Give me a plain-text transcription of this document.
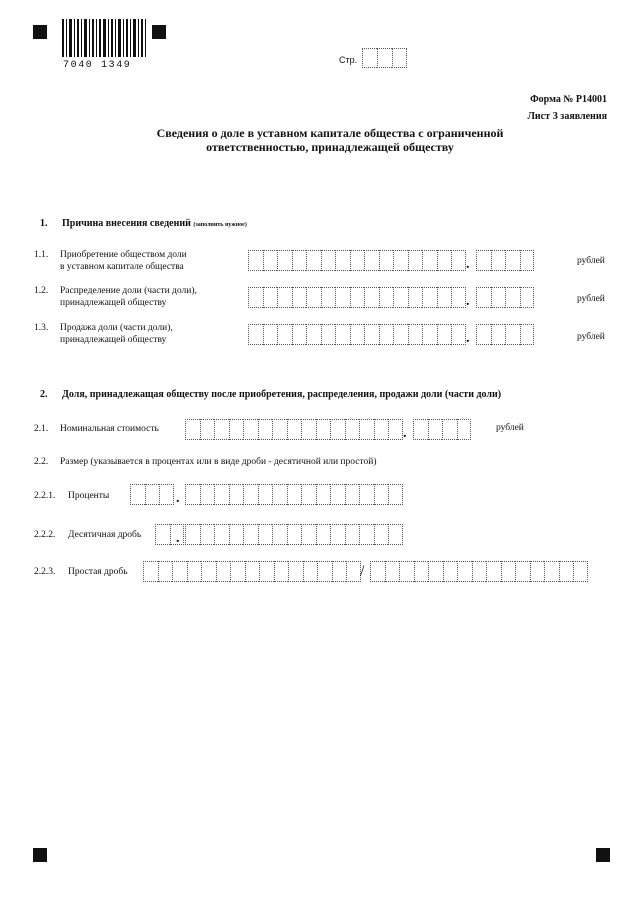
7040 1349	Стр.
Форма № Р14001
Лист З заявления
Сведения о доле в уставном капитале общества с ограниченной
ответственностью, принадлежащей обществу
1. Причина внесения сведений (заполнить нужное)
1.1. Приобретение обществом доли
в уставном капитале общества	.	рублей
1.2. Распределение доли (части доли),
принадлежащей обществу	.	рублей
1.3. Продажа доли (части доли),
принадлежащей обществу	.	рублей
2. Доля, принадлежащая обществу после приобретения, распределения, продажи доли (части доли)
2.1. Номинальная стоимость	.	рублей
2.2. Размер (указывается в процентах или в виде дроби - десятичной или простой)
2.2.1. Проценты	.
2.2.2. Десятичная дробь .
2.2.3. Простая дробь	/
